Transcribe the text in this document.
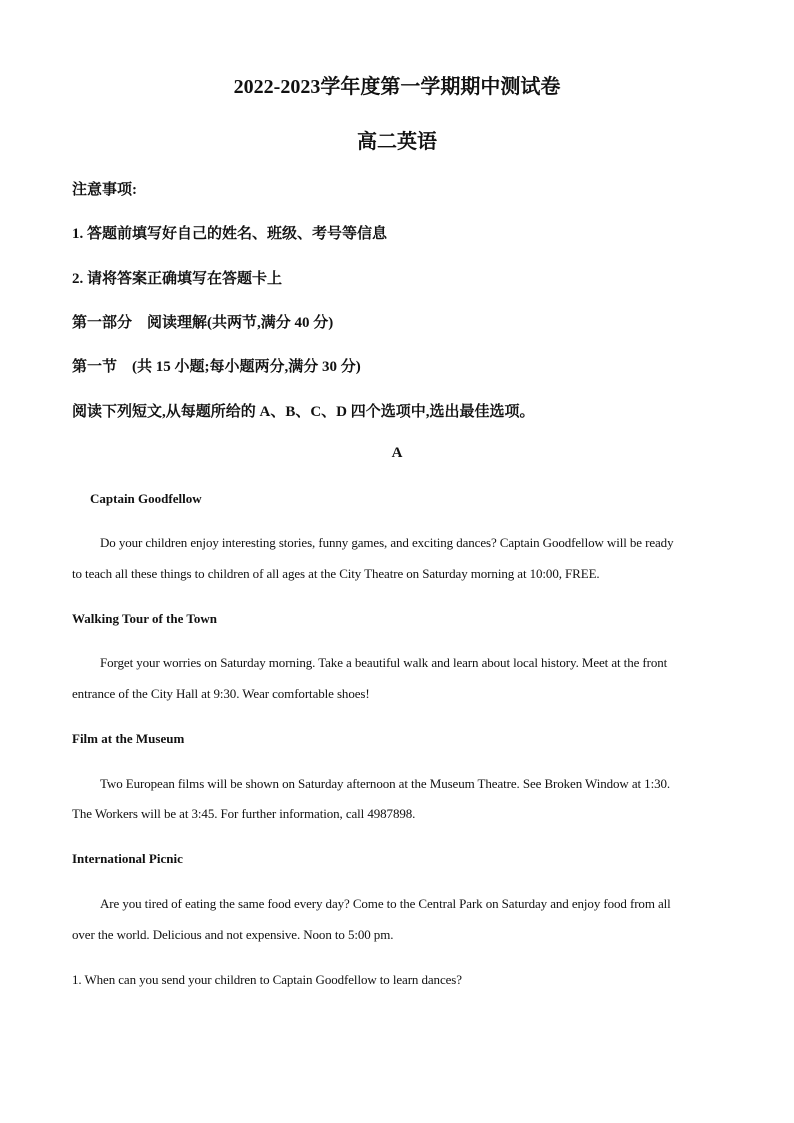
2022-2023学年度第一学期期中测试卷
高二英语
注意事项:
1. 答题前填写好自己的姓名、班级、考号等信息
2. 请将答案正确填写在答题卡上
第一部分　阅读理解(共两节,满分 40 分)
第一节　(共 15 小题;每小题两分,满分 30 分)
阅读下列短文,从每题所给的 A、B、C、D 四个选项中,选出最佳选项。
A
Captain Goodfellow
Do your children enjoy interesting stories, funny games, and exciting dances? Captain Goodfellow will be ready
to teach all these things to children of all ages at the City Theatre on Saturday morning at 10:00, FREE.
Walking Tour of the Town
Forget your worries on Saturday morning. Take a beautiful walk and learn about local history. Meet at the front
entrance of the City Hall at 9:30. Wear comfortable shoes!
Film at the Museum
Two European films will be shown on Saturday afternoon at the Museum Theatre. See Broken Window at 1:30.
The Workers will be at 3:45. For further information, call 4987898.
International Picnic
Are you tired of eating the same food every day? Come to the Central Park on Saturday and enjoy food from all
over the world. Delicious and not expensive. Noon to 5:00 pm.
1. When can you send your children to Captain Goodfellow to learn dances?
